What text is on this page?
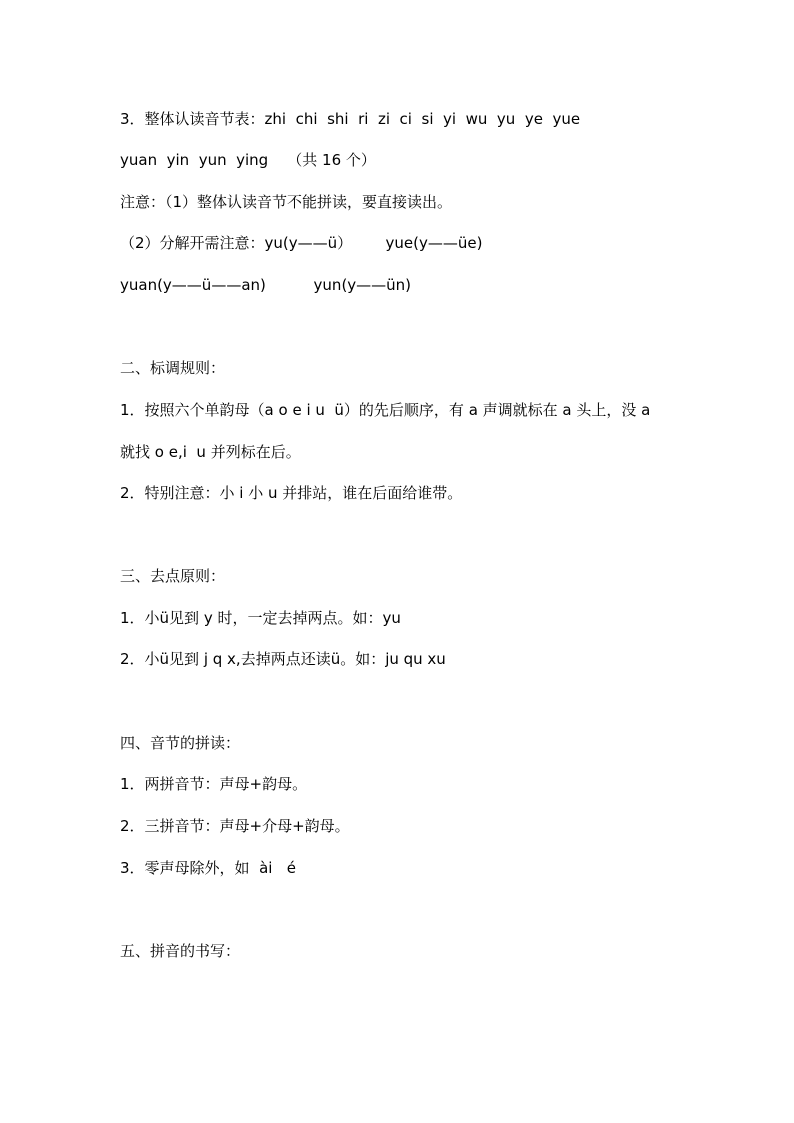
3．整体认读音节表：zhi  chi  shi  ri  zi  ci  si  yi  wu  yu  ye  yue
yuan  yin  yun  ying    （共 16 个）
注意：（1）整体认读音节不能拼读，要直接读出。
（2）分解开需注意：yu(y——ü）       yue(y——üe)
yuan(y——ü——an)          yun(y——ün)
二、标调规则：
1．按照六个单韵母（a o e i u  ü）的先后顺序，有 a 声调就标在 a 头上，没 a
就找 o e,i  u 并列标在后。
2．特别注意：小 i 小 u 并排站，谁在后面给谁带。
三、去点原则：
1．小ü见到 y 时，一定去掉两点。如：yu
2．小ü见到 j q x,去掉两点还读ü。如：ju qu xu
四、音节的拼读：
1．两拼音节：声母+韵母。
2．三拼音节：声母+介母+韵母。
3．零声母除外，如  ài   é
五、拼音的书写：
